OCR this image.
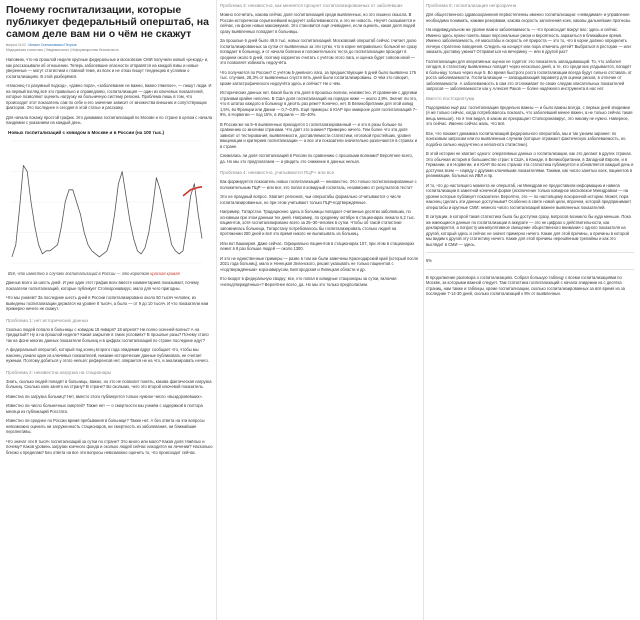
Почему госпитализации, которые публикует федеральный оперштаб, на самом деле вам ни о чём не скажут
вчера в 11:02 Михаил Станиславович Петухов
Медицинская статистика | Эпидемиология | Информационная безопасность

Напомню, что на прошлой неделе крупные федеральные и московские СМИ получили новый «рекорд» и, как рассказывали об отношении. Теперь заболевшие опасности отправятся на каждой язвы и новые уверенные — могут статистики к главной теме, из всех и не отказ пишут тенденцию в условии о госпитализациях. В этой разберёмся.

«Наконец-то разумный подход», «давно пора», «заболевание не важно, важно тяжелое», — пишут люди. И на первый взгляд всё это правильно и справедливо, госпитализация — один из ключевых показателей, которые позволяют оценить нагрузку на больничную систему региона. Проблема лишь в том, что происходит этот показатель сам по себе и его значение зависит от множества внешних и сопутствующих факторов. Это последнее я сегодня в этой статье и расскажу.

Для начала покажу простой график. Это динамика госпитализаций по Москве и по стране в целом с начала пандемии с указанием на каждый день.

Новых госпитализаций с ковидом в Москве и в России (на 100 тыс.)
Всё, что известно о случаях госпитализаций в России — это короткая красная кривая

Данные всего за шесть дней. И уже один этот график всех вместе комментариев показывает, почему показатели госпитализаций, которые публикует Стопкоронавирус, мало для чего пригодны.

Что мы узнаем? За последние шесть дней в России госпитализировано около 50 тысяч человек, из выведены госпитализации держатся на уровне 8 тысяч, а было — от 9 до 10 тысяч. И что показатели нам примерно ничего не скажут.

Проблема 1: нет исторических данных

Сколько людей попало в больницы с ковидом 18 января? 18 апреля? Ни полно осенней волны? А на тридцатый? Ну а на прошлой неделе? Какая закрытие в таких условиях? В прошлые разы? Почему стало так на фоне многих данных показатели больниц и в цифрах госпитализаций по стране последние идут?

А федеральный оперштаб, который под конец второго года эпидемии вдруг сообщает что, чтобы мы наконец узнали один из ключевых показателей, никакие исторические данные публиковать не считает нужным. Поэтому добиться у этого нельзя: референсов нет, опирается не на что, и анализировать нечего.

Проблема 2: неизвестна нагрузка на стационары

Знать, сколько людей попадёт в больницы, важно, но это не позволит понять, какова фактическая нагрузка больниц. Сколько коек занято на страну? В стране? Во скольких, чего это второй ключевой показатель.

Известна ли загрузка больниц? Нет, вместо этого публикуется только нужное число «выздоровевших».

Известно ли число больничных смертей? Также нет — о смертности мы узнаём с задержкой в полтора месяца из публикаций Росстата.

Известно ли среднее по России время пребывания в больнице? Также нет. А без ответа на эти вопросы невозможно оценить ни загруженность стационаров, ни смертность из заболевания, ни ближайшие перспективы.

Что значат эти 9 тысяч госпитализаций за сутки по стране? Это много или мало? Какая доля тяжёлых и почему? Каков уровень загрузки коечного фонда и сколько людей сейчас находится на лечении? Насколько близко к пределам? Без ответа на все эти вопросы невозможно оценить то, что происходит сейчас.

Проблема 3: неизвестно, как меняется процент госпитализированных от заболевших

Можно посчитать, какова сейчас доля госпитализаций среди выявленных, но это лишено смысла. В России исторически серьёзнейший недоучёт заболеваемости, и это не новость. Неучёт сказывается и сейчас, на фоне новых максимумов. Это становится ещё очевиднее, если оценить, какая доля людей сразу выявленных попадает в больницы.

За прошлые 6 дней было 49,9 тыс. новых госпитализаций. Московский оперштаб сейчас считает долю госпитализированных за сутки от выявленных за эти сутки, что в корне неправильно: больной не сразу попадает в больницу, и от начала болезни и положительного теста до госпитализации проходит в среднем около 5 дней, поэтому корректно считать с учётом этого лага, и оценка будет совсем иной — это позволяет избежать недоучёта.

Что получается по России? С учётом 5-дневного лага, за предшествующие 6 дней было выявлено 176 тыс. случаев, 28,3% от выявленных спустя пять дней были госпитализированы. О чём это говорит, кроме катастрофического недоучёта здесь и сейчас? Ни о чём.

Исторических данных нет. Какой была эта доля в прошлых волнах, неизвестно. И сравнение с другими странами крайне неполно. В США доля госпитализаций на порядок ниже — около 2,9%. Значит ли это, что в штатах каждого в больницу в десять раз реже? Конечно, нет. В Великобритании для этой ковид 1,5%, во Франции или Дании — 0,7–0,8%. Ещё примеры: в ЮАР при омикроне доля госпитализаций 7–9%, в Норвегии — под 15%, в Израиле — 35–40%.

В России же на 5–6 выявленных приходится 1 госпитализированный — и это в разы больше по сравнению со многими странами. Что даёт это знание? Примерно ничего. Тем более что эта доля зависит от тестирования, выявляемости, доставляемости статистики, итоговой простейших, уровня вакцинации и критериев госпитализации — а все эти показатели значительно различаются в странах и в стране.

Снижалась ли доля госпитализаций в России по сравнению с прошлыми волнами? Вероятнее всего, да. Но мы это предполагаем — а увидеть это снижение в данных нельзя.

Проблема 4: неизвестно, учитываются ПЦР+ или все

Как формируется показатель новых госпитализаций — неизвестно. Это только госпитализированные с положительным ПЦР — или все, кто попал в ковидный госпиталь, независимо от результатов теста?

Это не праздный вопрос. Хватает регионов, чьи оперштабы формально отчитываются о числе госпитализированных, но при этом учитывают только ПЦР-подтверждённые.

Например, Татарстан. Традиционно здесь в больницы попадает считанные десятки заболевших, по основным при этом данным тех дней. Например, по среднему октябре в стационарах лежало 6,2 тыс. пациентов, хотя госпитализировано всего за 25–30 человек в сутки. Чтобы об такой статистике запомнилась больница, Татарстану потребовалось бы госпитализировать столько людей на протяжении 250 дней и всё это время никого не выписывать из больниц.

Или вот Башкирия. Даже сейчас. Официально пациентов в стационарах 157, при этом в стационарах лежит в 8 раз больше людей — около 1300.

И это не единственные примеры — разве в том же были замечены Краснодарский край (который после 2021 года больниц), мало и Ненецкая Зеленского, решил указывать не только пациентов с «подтверждённым» коронавирусом, Белгородская и Липецкая области и др.

Кто входит в федеральную сводку: все, кто попал в ковидные стационары за сутки, включая «неподтверждённых»? Вероятнее всего, да. Но мы это только предполагаем.

Проблема 5: госпитализация непрозрачна

Для общественного здравоохранения первостепенны именно госпитализации: «невидимая» и управление необходимо понимать, какими резервами, какова скорость заполнения коек, каковы дальнейшие прогнозы.

На индивидуальном же уровне важно заболеваемость — что происходит вокруг вас: здесь и сейчас. Именно здесь нужно понять ваши персональные риски и вероятность заразиться в ближайшее время. Именно заболеваемость, её масштабы и скорость её прироста — это то, что в корне должно определить личную стратегию поведения. Следить на концерт или пора отмечать детей? Выбраться в ресторан — или заказать доставку ужина? Отправиться на вечеринку — или в другой раз?

Госпитализации для оперативных оценок не годятся: это показатель запаздывающий. То, что заболел сегодня, в статистику выявленных попадёт через несколько дней, а те, кто среди них угадывается, попадёт в больницу только через еще 5. Во время быстрого роста госпитализации всегда будут сильно отставать от роста заболеваемости. Госпитализации — запаздывающий параметр для оценки рисков, в отличие от заболеваемости. А заболеваемость в сам это отслеживает по своих следам описательных показателей запросов — заболеваемости как у Алексея Раков — более надёжного инструмента в нас нет.

Вместо постскриптума

Подозреваю ещё раз: госпитализации предельно важны — и было важны всегда, с первых дней эпидемии (я же только сейчас, когда потребовалось показать, что заболевший менее важен, а не только сейчас такая вещь меньше). Но я тем видел, в каком их прекращает Стопкоронавирус, это никому не нужно. Наверное, это сейчас. Именно сейчас жаль, что всё.

Все, что покажет динамика госпитализаций федерального оперштаба, мы и так узнаем заранее: по поисковым запросам или по выявленным случаям (которые отражают фактическую заболеваемость, но подобно сильно недоучтено и неполнота статистике).

В этой истории не хватает одного: оперативных данных о госпитализации, как это делают в других странах. Это обычная история в большинстве стран: в США, в Канаде, в Великобритании, в Западной Европе, и в Германии, и в Норвегии, и в ЮАР. Во всех странах эта статистика публикуется и обновляется каждый день и доступна всем — наряду с другими ключевыми показателями. Такими, как число занятых коек, пациентов в реанимации, больных на ИВЛ и пр.

И то, что до настоящего момента не оперштаб, ни Минздрав не предоставили информацию и навела госпитализации в заметной конечной форме (исключение только ковидное московское Минздравом — на уровне которые публикует показатели. Вероятно, это — по настоящему похоронной истории. Может, пора наконец сделать эти данные доступными? Особенно в свете новой цели, впрочем, которой предпринимает оперштабы и крупные СМИ: немного число госпитализаций важнее выявленных показателей.

В ситуации, в которой такая статистика была бы доступна сразу, вопросов возникло бы куда меньше. Пока же имеющиеся данные по госпитализации в аккурате — это не цифрах о действительности, как декларируется, а попросту манипулятивное смещение общественного внимания с одного показателя на другой, который здесь и сейчас не значит примерно ничего. Какие для этой причины, а причины в которой мы видим к другой эту статистику ничего. Какие для этой причины нерешённым трепайны и как это выглядит в СМИ — здесь.

5%

В продолжение разговора о госпитализациях. Собрал большую таблицу с всеми госпитализациями по Москве, за которыми важной следует. Там статистика госпитализаций с начала эпидемии из с десятка страниц, нам также и таблицы, кроме госпитализации, сколько госпитализированных за всё время из за последние 7-14-30 дней, сколько госпитализаций к 9% от выявленных.
